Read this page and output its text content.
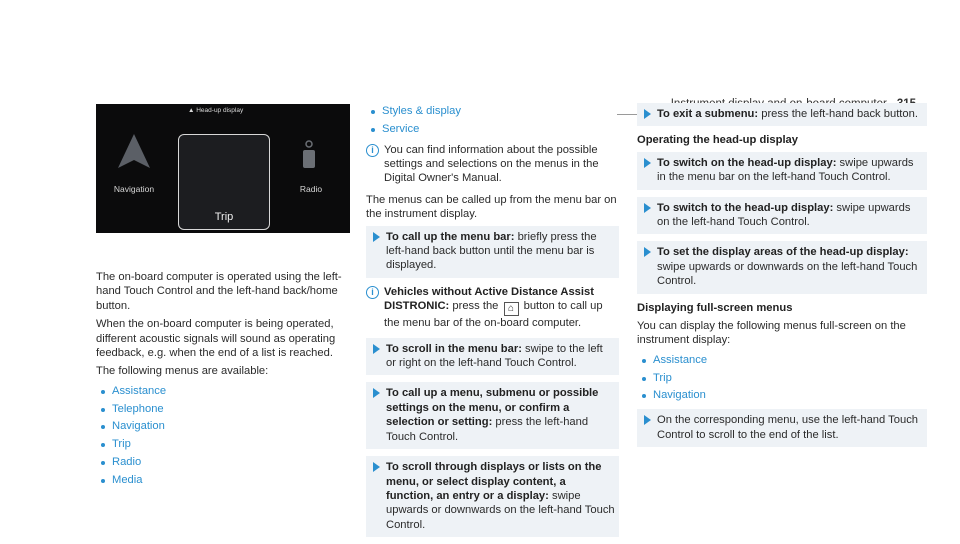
▲ Head-up display
Trip
Navigation	Radio

The on-board computer is operated using the left-hand Touch Control and the left-hand back/home button.

When the on-board computer is being operated, different acoustic signals will sound as operating feedback, e.g. when the end of a list is reached.

The following menus are available:

Assistance
Telephone
Navigation
Trip
Radio
Media
Styles & display
Service
i You can find information about the possible settings and selections on the menus in the Digital Owner's Manual.

The menus can be called up from the menu bar on the instrument display.

To call up the menu bar: briefly press the left-hand back button until the menu bar is displayed.
i Vehicles without Active Distance Assist DISTRONIC: press the ⌂ button to call up the menu bar of the on-board computer.
To scroll in the menu bar: swipe to the left or right on the left-hand Touch Control.
To call up a menu, submenu or possible settings on the menu, or confirm a selection or setting: press the left-hand Touch Control.
To scroll through displays or lists on the menu, or select display content, a function, an entry or a display: swipe upwards or downwards on the left-hand Touch Control.
To exit a submenu: press the left-hand back button.
Operating the head-up display
To switch on the head-up display: swipe upwards in the menu bar on the left-hand Touch Control.
To switch to the head-up display: swipe upwards on the left-hand Touch Control.
To set the display areas of the head-up display: swipe upwards or downwards on the left-hand Touch Control.
Displaying full-screen menus

You can display the following menus full-screen on the instrument display:

Assistance
Trip
Navigation
On the corresponding menu, use the left-hand Touch Control to scroll to the end of the list.
